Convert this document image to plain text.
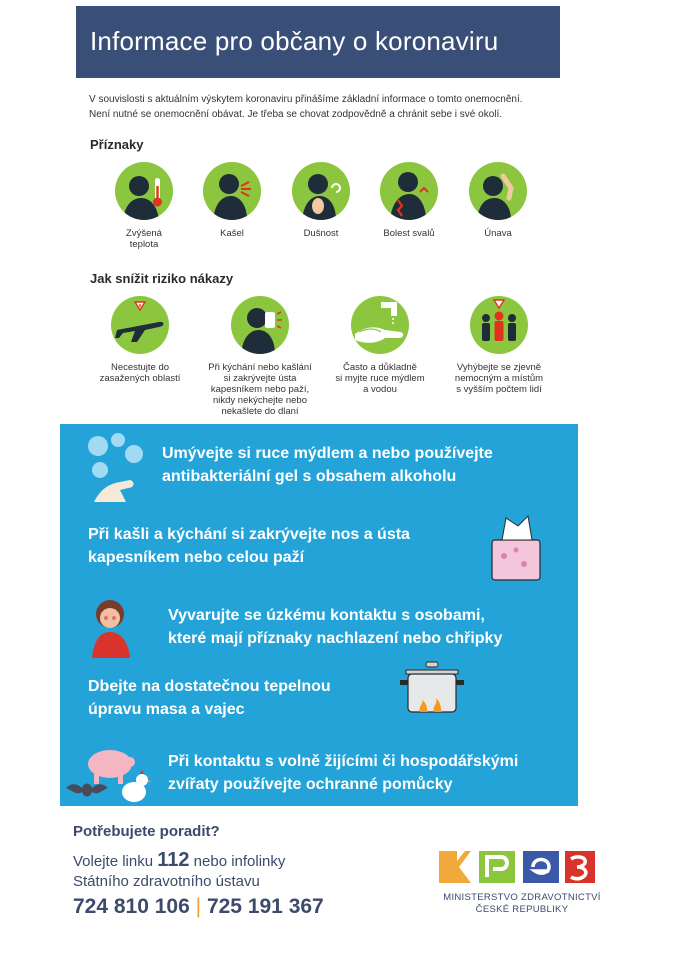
Informace pro občany o koronaviru

V souvislosti s aktuálním výskytem koronaviru přinášíme základní informace o tomto onemocnění.

Není nutné se onemocnění obávat. Je třeba se chovat zodpovědně a chránit sebe i své okolí.

Příznaky
Zvýšená
teplota
Kašel	Dušnost	Bolest svalů	Únava
Jak snížit riziko nákazy
Necestujte do
zasažených oblastí
Při kýchání nebo kašlání
si zakrývejte ústa
kapesníkem nebo paží,
nikdy nekýchejte nebo
nekašlete do dlaní
Často a důkladně
si myjte ruce mýdlem
a vodou
Vyhýbejte se zjevně
nemocným a místům
s vyšším počtem lidí
Umývejte si ruce mýdlem a nebo používejte
antibakteriální gel s obsahem alkoholu
Při kašli a kýchání si zakrývejte nos a ústa
kapesníkem nebo celou paží
Vyvarujte se úzkému kontaktu s osobami,
které mají příznaky nachlazení nebo chřipky
Dbejte na dostatečnou tepelnou
úpravu masa a vajec
Při kontaktu s volně žijícími či hospodářskými
zvířaty používejte ochranné pomůcky
Potřebujete poradit?
Volejte linku 112 nebo infolinky
Státního zdravotního ústavu
724 810 106 | 725 191 367	MINISTERSTVO ZDRAVOTNICTVÍ
ČESKÉ REPUBLIKY
